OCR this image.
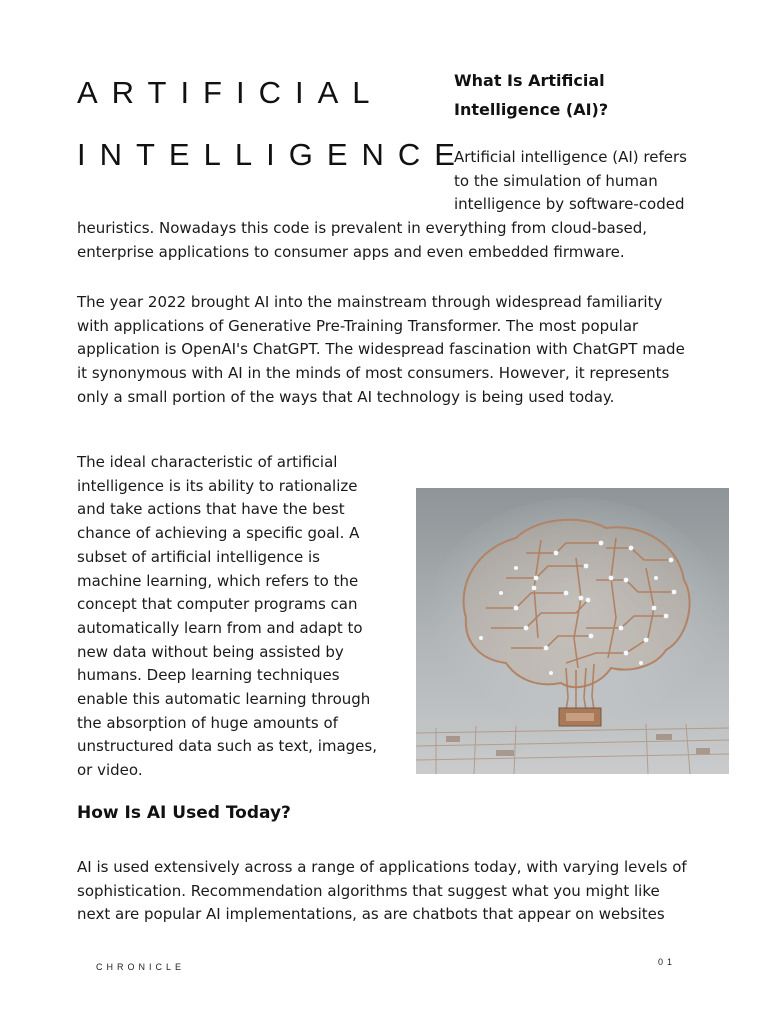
ARTIFICIAL
INTELLIGENCE
What Is Artificial Intelligence (AI)?
Artificial intelligence (AI) refers to the simulation of human intelligence by software-coded heuristics. Nowadays this code is prevalent in everything from cloud-based, enterprise applications to consumer apps and even embedded firmware.

The year 2022 brought AI into the mainstream through widespread familiarity with applications of Generative Pre-Training Transformer. The most popular application is OpenAI's ChatGPT. The widespread fascination with ChatGPT made it synonymous with AI in the minds of most consumers. However, it represents only a small portion of the ways that AI technology is being used today.

The ideal characteristic of artificial intelligence is its ability to rationalize and take actions that have the best chance of achieving a specific goal. A subset of artificial intelligence is machine learning, which refers to the concept that computer programs can automatically learn from and adapt to new data without being assisted by humans. Deep learning techniques enable this automatic learning through the absorption of huge amounts of unstructured data such as text, images, or video.

How Is AI Used Today?

AI is used extensively across a range of applications today, with varying levels of sophistication. Recommendation algorithms that suggest what you might like next are popular AI implementations, as are chatbots that appear on websites

CHRONICLE	01
